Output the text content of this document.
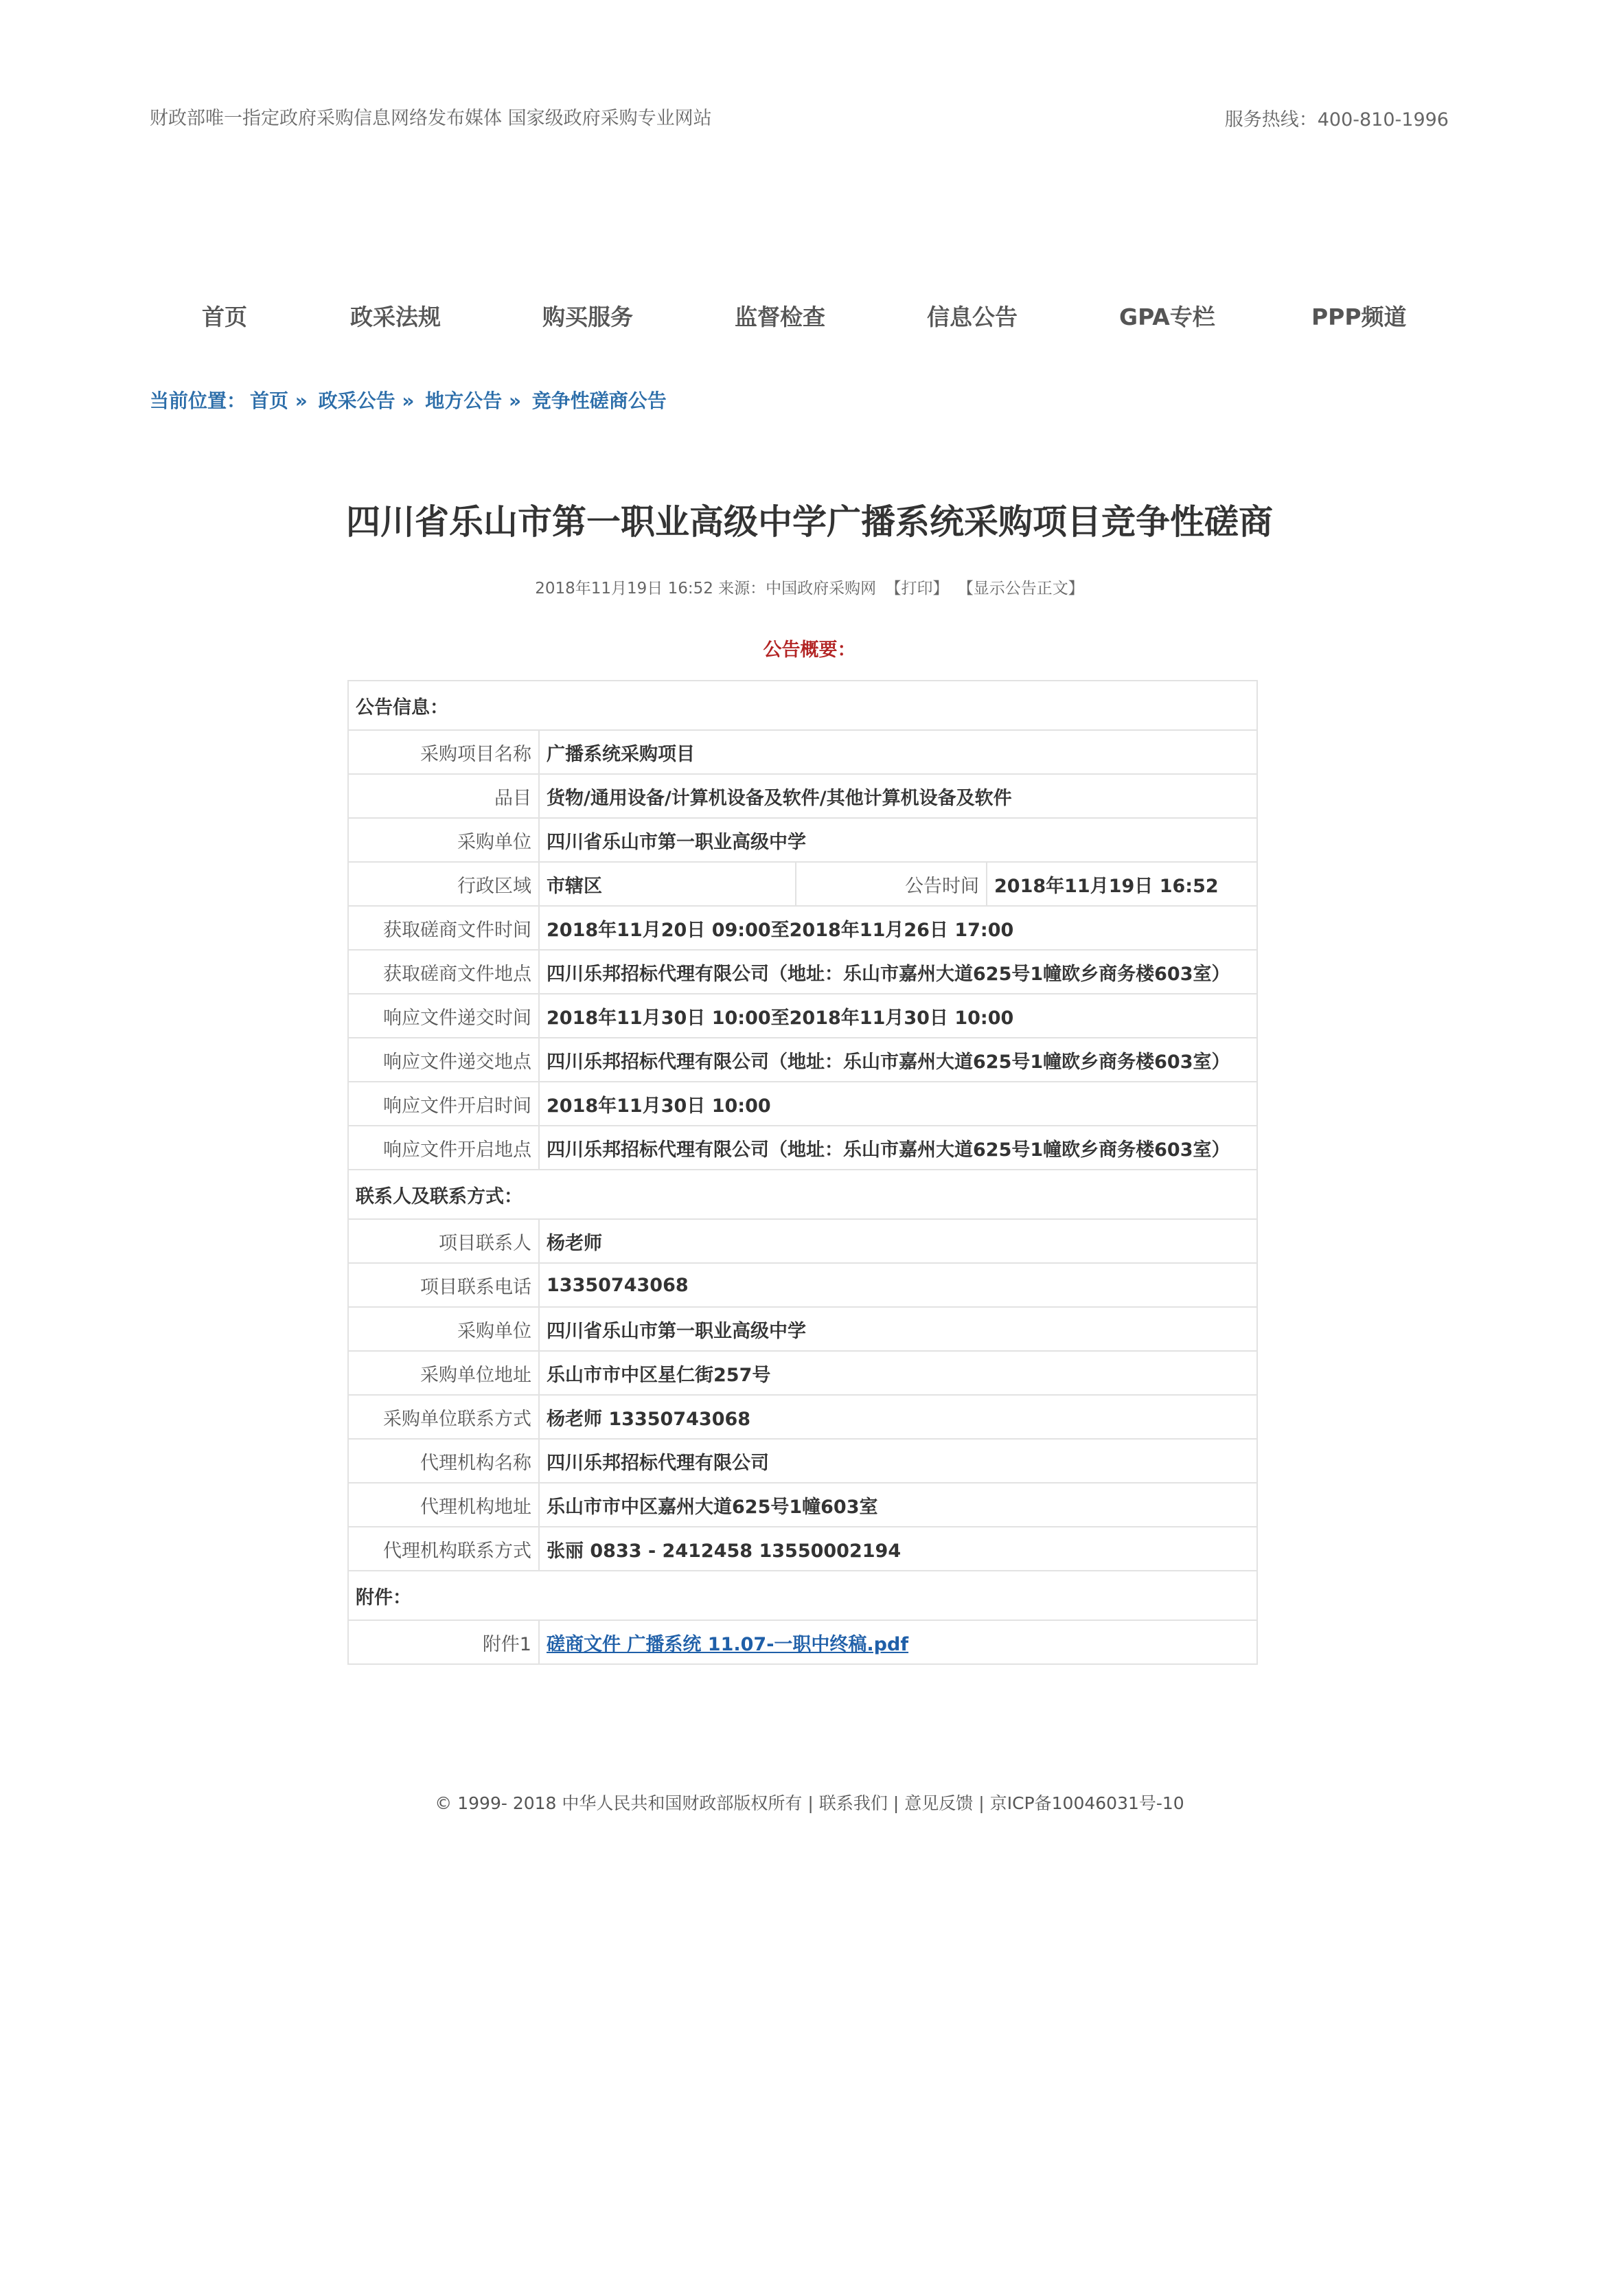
财政部唯一指定政府采购信息网络发布媒体 国家级政府采购专业网站	服务热线：400-810-1996
首页	政采法规	购买服务	监督检查	信息公告	GPA专栏	PPP频道
当前位置： 首页 » 政采公告 » 地方公告 » 竞争性磋商公告
四川省乐山市第一职业高级中学广播系统采购项目竞争性磋商
2018年11月19日 16:52 来源：中国政府采购网 【打印】 【显示公告正文】
公告概要：
公告信息：			
采购项目名称	广播系统采购项目		
品目	货物/通用设备/计算机设备及软件/其他计算机设备及软件		
采购单位	四川省乐山市第一职业高级中学		
行政区域	市辖区	公告时间	2018年11月19日 16:52
获取磋商文件时间	2018年11月20日 09:00至2018年11月26日 17:00		
获取磋商文件地点	四川乐邦招标代理有限公司（地址：乐山市嘉州大道625号1幢欧乡商务楼603室）		
响应文件递交时间	2018年11月30日 10:00至2018年11月30日 10:00		
响应文件递交地点	四川乐邦招标代理有限公司（地址：乐山市嘉州大道625号1幢欧乡商务楼603室）		
响应文件开启时间	2018年11月30日 10:00		
响应文件开启地点	四川乐邦招标代理有限公司（地址：乐山市嘉州大道625号1幢欧乡商务楼603室）		
联系人及联系方式：			
项目联系人	杨老师		
项目联系电话	13350743068		
采购单位	四川省乐山市第一职业高级中学		
采购单位地址	乐山市市中区星仁街257号		
采购单位联系方式	杨老师 13350743068		
代理机构名称	四川乐邦招标代理有限公司		
代理机构地址	乐山市市中区嘉州大道625号1幢603室		
代理机构联系方式	张丽 0833 - 2412458 13550002194		
附件：			
附件1	磋商文件 广播系统 11.07-一职中终稿.pdf		
© 1999- 2018 中华人民共和国财政部版权所有 | 联系我们 | 意见反馈 | 京ICP备10046031号-10
